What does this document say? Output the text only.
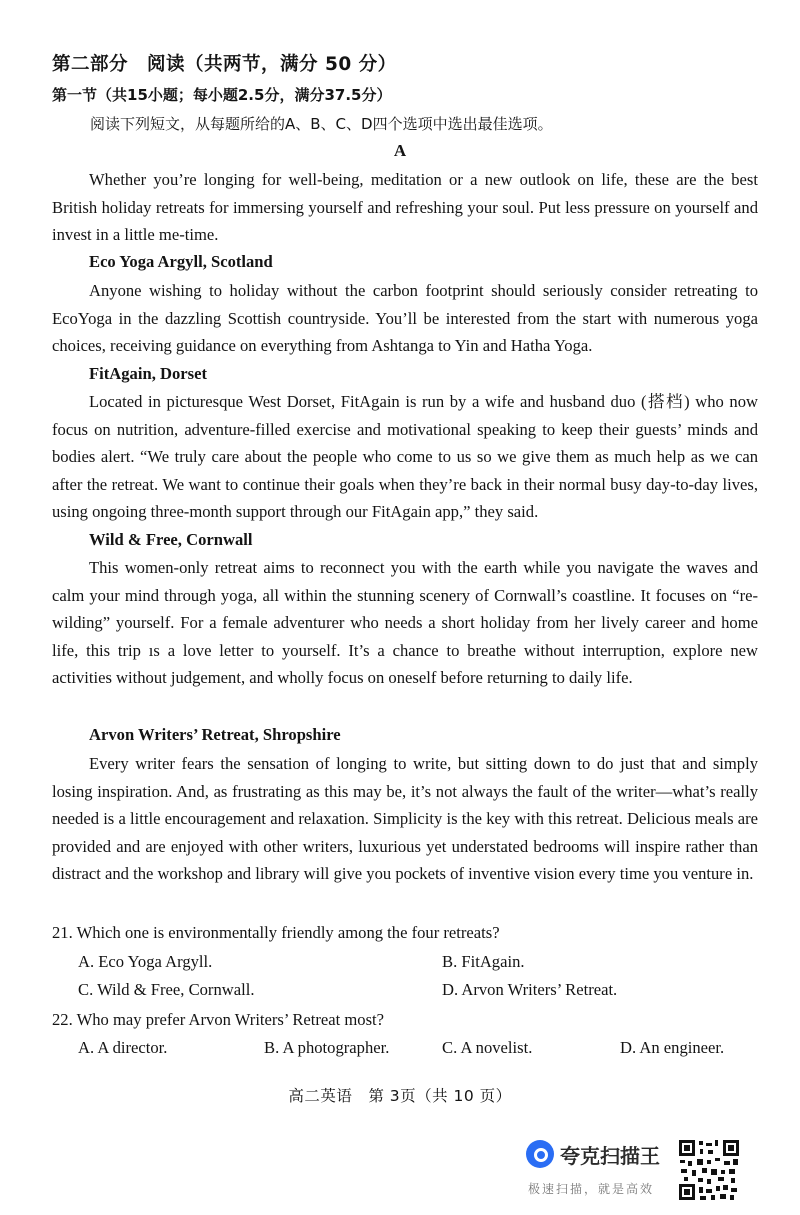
第二部分　阅读（共两节，满分 50 分）
第一节（共15小题；每小题2.5分，满分37.5分）
阅读下列短文，从每题所给的A、B、C、D四个选项中选出最佳选项。
A
Whether you’re longing for well-being, meditation or a new outlook on life, these are the best British holiday retreats for immersing yourself and refreshing your soul. Put less pressure on yourself and invest in a little me-time.
Eco Yoga Argyll, Scotland
Anyone wishing to holiday without the carbon footprint should seriously consider retreating to EcoYoga in the dazzling Scottish countryside. You’ll be interested from the start with numerous yoga choices, receiving guidance on everything from Ashtanga to Yin and Hatha Yoga.
FitAgain, Dorset
Located in picturesque West Dorset, FitAgain is run by a wife and husband duo (搭档) who now focus on nutrition, adventure-filled exercise and motivational speaking to keep their guests’ minds and bodies alert. “We truly care about the people who come to us so we give them as much help as we can after the retreat. We want to continue their goals when they’re back in their normal busy day-to-day lives, using ongoing three-month support through our FitAgain app,” they said.
Wild & Free, Cornwall
This women-only retreat aims to reconnect you with the earth while you navigate the waves and calm your mind through yoga, all within the stunning scenery of Cornwall’s coastline. It focuses on “re-wilding” yourself. For a female adventurer who needs a short holiday from her lively career and home life, this trip ıs a love letter to yourself. It’s a chance to breathe without interruption, explore new activities without judgement, and wholly focus on oneself before returning to daily life.
Arvon Writers’ Retreat, Shropshire
Every writer fears the sensation of longing to write, but sitting down to do just that and simply losing inspiration. And, as frustrating as this may be, it’s not always the fault of the writer—what’s really needed is a little encouragement and relaxation. Simplicity is the key with this retreat. Delicious meals are provided and are enjoyed with other writers, luxurious yet understated bedrooms will inspire rather than distract and the workshop and library will give you pockets of inventive vision every time you venture in.
21. Which one is environmentally friendly among the four retreats?
A. Eco Yoga Argyll.	B. FitAgain.
C. Wild & Free, Cornwall.	D. Arvon Writers’ Retreat.
22. Who may prefer Arvon Writers’ Retreat most?
A. A director.	B. A photographer.	C. A novelist.	D. An engineer.
高二英语　第 3页（共 10 页）
夸克扫描王
极速扫描，就是高效
